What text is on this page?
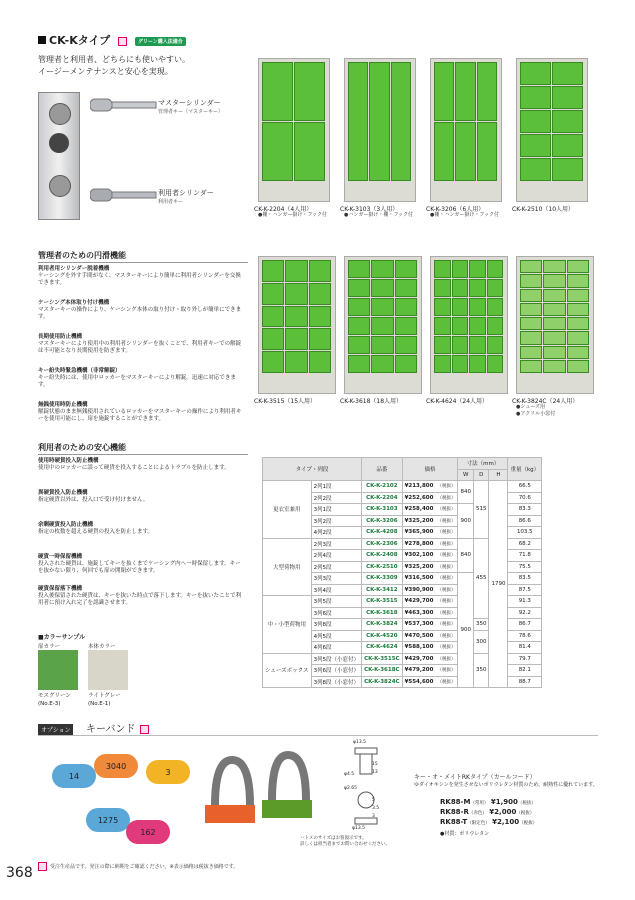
CK-Kタイプ	グリーン購入法適合
管理者と利用者、どちらにも使いやすい。
イージーメンテナンスと安心を実現。
マスターシリンダー
管理者キー（マスターキー）
利用者シリンダー
利用者キー
CK-K-2204（4人用）
●棚・ハンガー掛け・フック付
CK-K-3103（3人用）
●ハンガー掛け・棚・フック付
CK-K-3206（6人用）
●棚・ハンガー掛け・フック付
CK-K-2510（10人用）
CK-K-3515（15人用）	CK-K-3618（18人用）	CK-K-4624（24人用）	CK-K-3824C（24人用）
●シューズ用
●アクリル小窓付
管理者のための円滑機能
利用者用シリンダー脱着機構
ケーシングを外す手間がなく、マスターキーにより簡単に利用者シリンダーを交換できます。
ケーシング本体取り付け機構
マスターキーの操作により、ケーシング本体の取り付け・取り外しが簡単にできます。
長期使用防止機構
マスターキーにより使用中の利用者シリンダーを抜くことで、利用者キーでの解錠は不可能となり長期使用を防ぎます。
キー紛失時緊急機構（非常解錠）
キー紛失時には、使用中ロッカーをマスターキーにより解錠。迅速に対応できます。
無銭使用時防止機構
解錠状態のまま無銭使用されているロッカーをマスターキーの操作により利用者キーを使用可能にし、扉を施錠することができます。
利用者のための安心機能
使用時硬貨投入防止機構
使用中のロッカーに誤って硬貨を投入することによるトラブルを防止します。
異硬貨投入防止機構
指定硬貨以外は、投入口で受け付けません。
余剰硬貨投入防止機構
指定の枚数を超える硬貨の投入を防止します。
硬貨一時保留機構
投入された硬貨は、施錠してキーを抜くまでケーシング内へ一時保留します。キーを抜かない限り、何回でも扉の開閉ができます。
硬貨保留落下機構
投入後保留された硬貨は、キーを抜いた時点で落下します。キーを抜いたことで利用者に預け入れ完了を認識させます。
■カラーサンプル
扉カラー	本体カラー
モスグリーン
(No.E-3)
ライトグレー
(No.E-1)
タイプ・列段		品番	価格		寸法（mm）			重量（kg）
					W	D	H	
更衣室兼用	2列1段	CK-K-2102	¥213,800	（税抜）	840	515	1790	66.5
	2列2段	CK-K-2204	¥252,600	（税抜）				70.6
	3列1段	CK-K-3103	¥258,400	（税抜）	900			83.3
	3列2段	CK-K-3206	¥325,200	（税抜）				86.6
	4列2段	CK-K-4208	¥365,900	（税抜）				103.5
大型荷物用	2列3段	CK-K-2306	¥278,800	（税抜）	840	455		68.2
	2列4段	CK-K-2408	¥302,100	（税抜）				71.8
	2列5段	CK-K-2510	¥325,200	（税抜）				75.5
	3列3段	CK-K-3309	¥316,500	（税抜）	900			83.5
	3列4段	CK-K-3412	¥390,900	（税抜）				87.5
中・小型荷物用	3列5段	CK-K-3515	¥429,700	（税抜）				91.3
	3列6段	CK-K-3618	¥463,300	（税抜）				92.2
	3列8段	CK-K-3824	¥537,300	（税抜）		350		86.7
	4列5段	CK-K-4520	¥470,500	（税抜）		300		78.6
	4列6段	CK-K-4624	¥588,100	（税抜）				81.4
シューズボックス	3列5段（小窓付）	CK-K-3515C	¥429,700	（税抜）		350		79.7
	3列6段（小窓付）	CK-K-3618C	¥479,200	（税抜）				82.1
	3列8段（小窓付）	CK-K-3824C	¥554,600	（税抜）				88.7
オプション	キーバンド
14
3040
3
1275
162
φ13.5
φ4.5
15
13
φ2.65
5
3.5
3
φ13.5
ハトメのサイズはお客図示です。
詳しくは担当者までお問い合わせください。
キー・オ・メイトRKタイプ（カールコード）
ゆダイオキシンを発生させないポリウレタン材質のため、耐熱性に優れています。
RK88-M（常用） ¥1,900（税抜）
RK88-R（赤色） ¥2,000（税抜）
RK88-T（限定色） ¥2,100（税抜）
●材質：ポリウレタン
368	受注生産品です。発注の際に納期をご確認ください。※表示価格は税抜き価格です。
